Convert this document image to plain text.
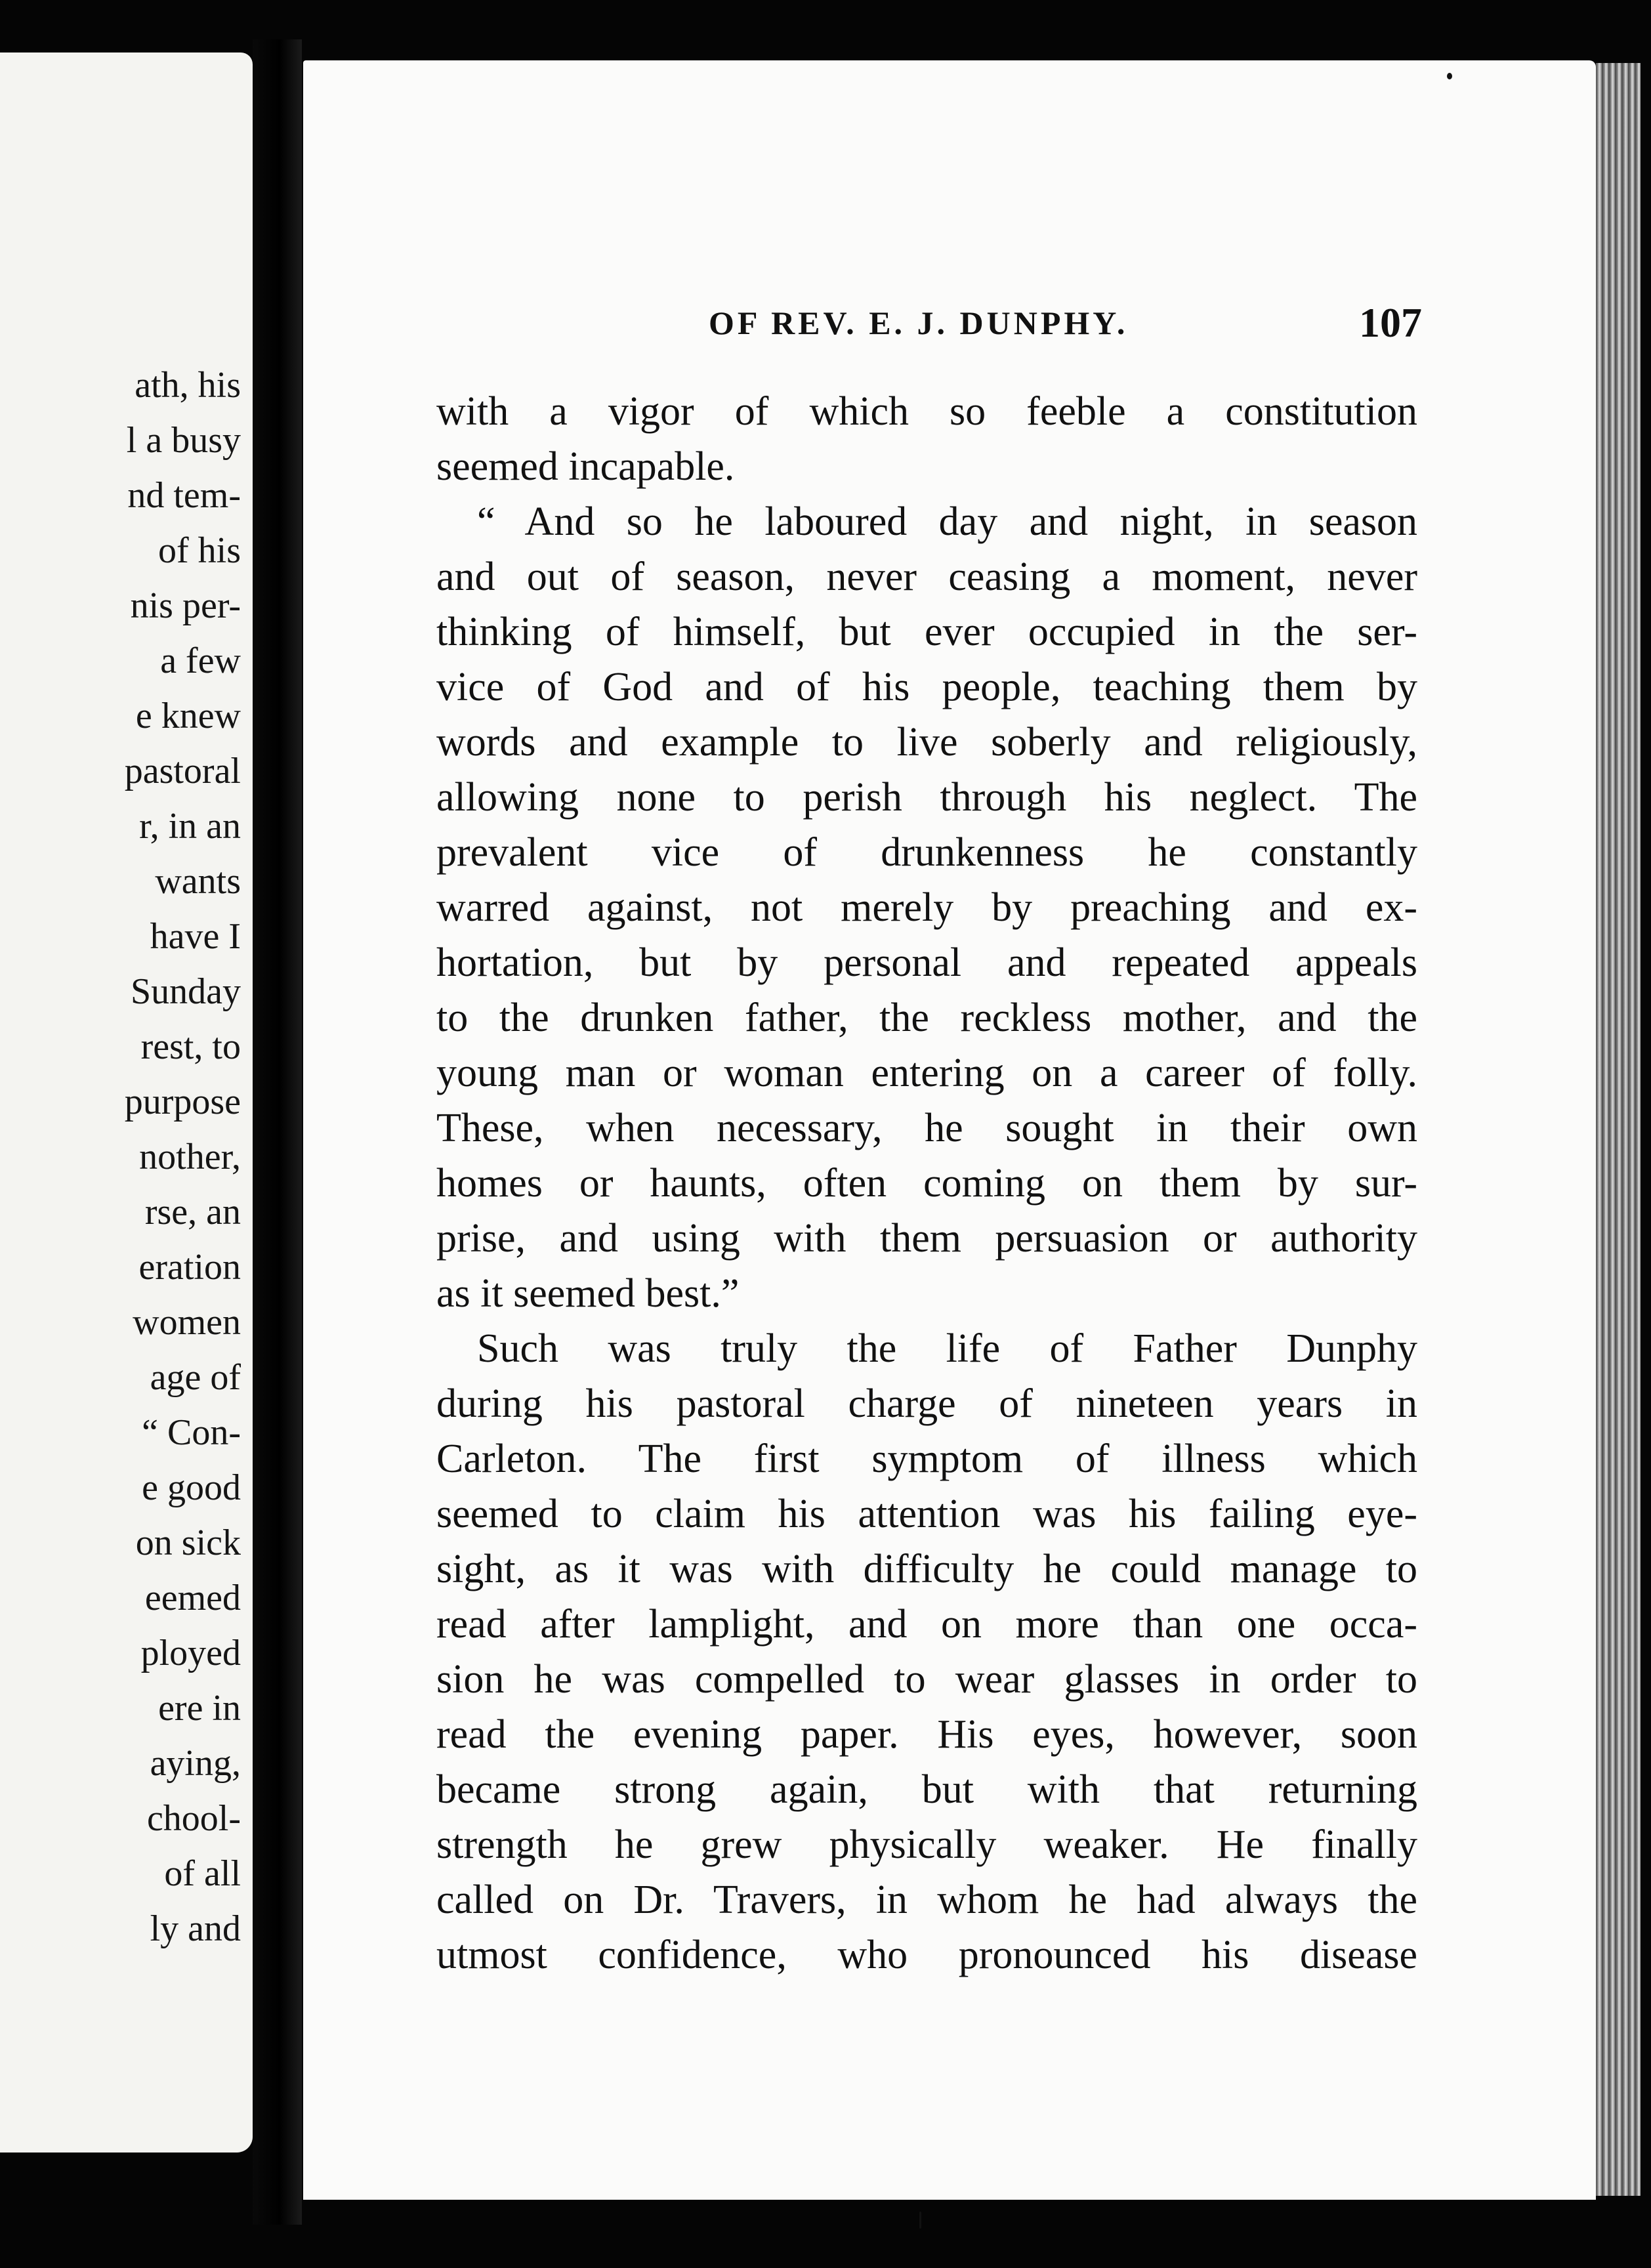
ath, his
l a busy
nd tem-
of his
nis per-
a few
e knew
pastoral
r, in an
wants
have I
Sunday
rest, to
purpose
nother,
rse, an
eration
women
age of
“ Con-
e good
on sick
eemed
ployed
ere in
aying,
chool-
of all
ly and
OF REV. E. J. DUNPHY.	107
with a vigor of which so feeble a constitution
seemed incapable.
“ And so he laboured day and night, in season
and out of season, never ceasing a moment, never
thinking of himself, but ever occupied in the ser-
vice of God and of his people, teaching them by
words and example to live soberly and religiously,
allowing none to perish through his neglect. The
prevalent vice of drunkenness he constantly
warred against, not merely by preaching and ex-
hortation, but by personal and repeated appeals
to the drunken father, the reckless mother, and the
young man or woman entering on a career of folly.
These, when necessary, he sought in their own
homes or haunts, often coming on them by sur-
prise, and using with them persuasion or authority
as it seemed best.”
Such was truly the life of Father Dunphy
during his pastoral charge of nineteen years in
Carleton. The first symptom of illness which
seemed to claim his attention was his failing eye-
sight, as it was with difficulty he could manage to
read after lamplight, and on more than one occa-
sion he was compelled to wear glasses in order to
read the evening paper. His eyes, however, soon
became strong again, but with that returning
strength he grew physically weaker. He finally
called on Dr. Travers, in whom he had always the
utmost confidence, who pronounced his disease
